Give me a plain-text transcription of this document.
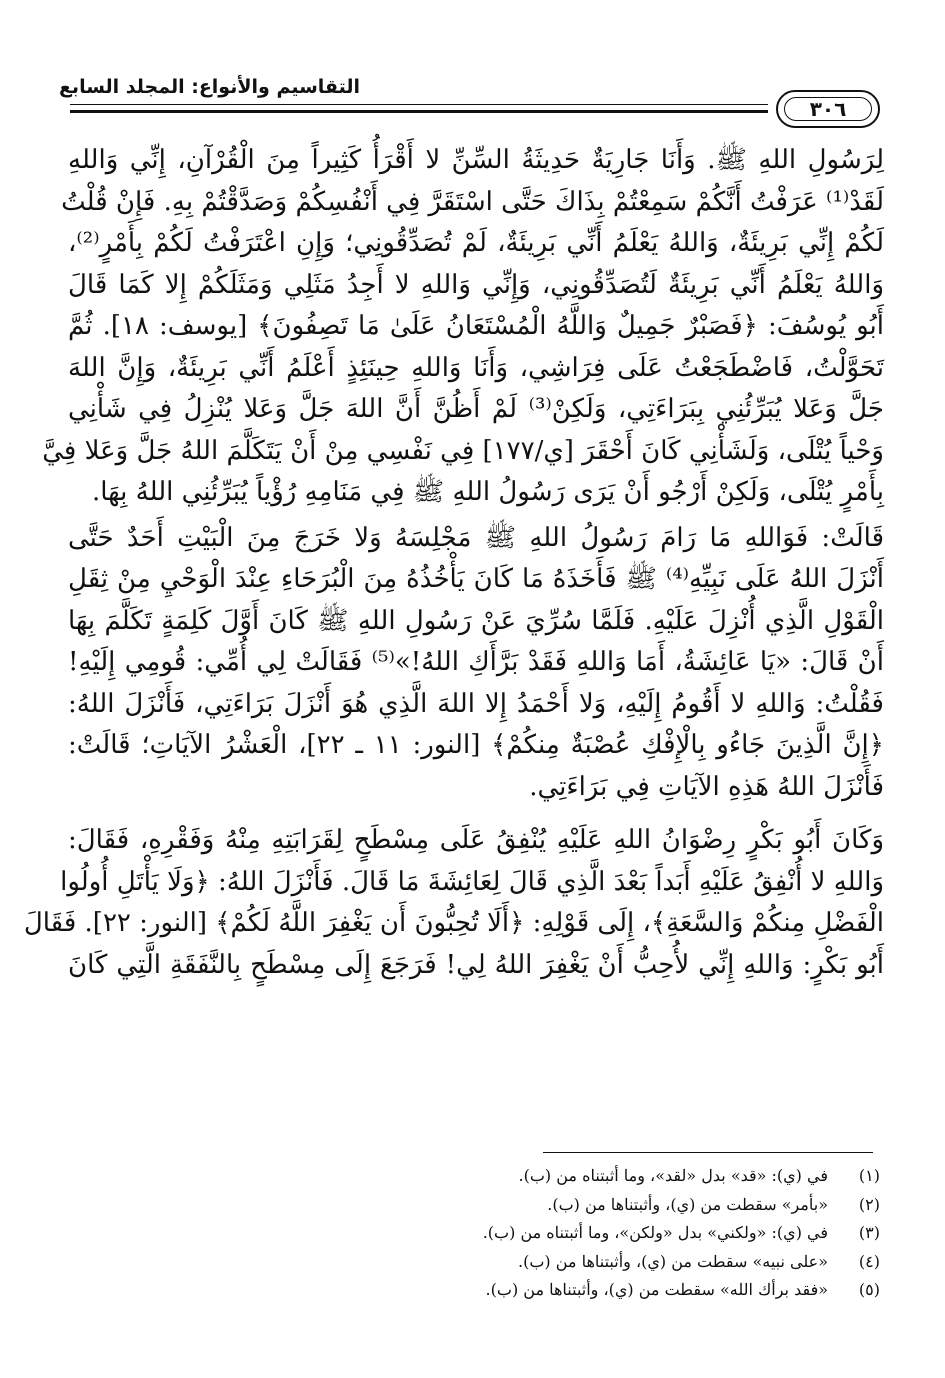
التقاسيم والأنواع: المجلد السابع
٣٠٦
لِرَسُولِ اللهِ ﷺ. وَأَنَا جَارِيَةٌ حَدِيثَةُ السِّنِّ لا أَقْرَأُ كَثِيراً مِنَ الْقُرْآنِ، إِنِّي وَاللهِ
لَقَدْ⁽¹⁾ عَرَفْتُ أَنَّكُمْ سَمِعْتُمْ بِذَاكَ حَتَّى اسْتَقَرَّ فِي أَنْفُسِكُمْ وَصَدَّقْتُمْ بِهِ. فَإِنْ قُلْتُ
لَكُمْ إِنِّي بَرِيئَةٌ، وَاللهُ يَعْلَمُ أَنِّي بَرِيئَةٌ، لَمْ تُصَدِّقُونِي؛ وَإِنِ اعْتَرَفْتُ لَكُمْ بِأَمْرٍ⁽²⁾،
وَاللهُ يَعْلَمُ أَنِّي بَرِيئَةٌ لَتُصَدِّقُونِي، وَإِنِّي وَاللهِ لا أَجِدُ مَثَلِي وَمَثَلَكُمْ إِلا كَمَا قَالَ
أَبُو يُوسُفَ: ﴿فَصَبْرٌ جَمِيلٌ وَاللَّهُ الْمُسْتَعَانُ عَلَىٰ مَا تَصِفُونَ﴾ [يوسف: ١٨]. ثُمَّ
تَحَوَّلْتُ، فَاضْطَجَعْتُ عَلَى فِرَاشِي، وَأَنَا وَاللهِ حِينَئِذٍ أَعْلَمُ أَنِّي بَرِيئَةٌ، وَإِنَّ اللهَ
جَلَّ وَعَلا يُبَرِّئُنِي بِبَرَاءَتِي، وَلَكِنْ⁽³⁾ لَمْ أَظُنَّ أَنَّ اللهَ جَلَّ وَعَلا يُنْزِلُ فِي شَأْنِي
وَحْياً يُتْلَى، وَلَشَأْنِي كَانَ أَحْقَرَ [ي/١٧٧] فِي نَفْسِي مِنْ أَنْ يَتَكَلَّمَ اللهُ جَلَّ وَعَلا فِيَّ
بِأَمْرٍ يُتْلَى، وَلَكِنْ أَرْجُو أَنْ يَرَى رَسُولُ اللهِ ﷺ فِي مَنَامِهِ رُؤْياً يُبَرِّئُنِي اللهُ بِهَا.
قَالَتْ: فَوَاللهِ مَا رَامَ رَسُولُ اللهِ ﷺ مَجْلِسَهُ وَلا خَرَجَ مِنَ الْبَيْتِ أَحَدٌ حَتَّى
أَنْزَلَ اللهُ عَلَى نَبِيِّهِ⁽⁴⁾ ﷺ فَأَخَذَهُ مَا كَانَ يَأْخُذُهُ مِنَ الْبُرَحَاءِ عِنْدَ الْوَحْيِ مِنْ ثِقَلِ
الْقَوْلِ الَّذِي أُنْزِلَ عَلَيْهِ. فَلَمَّا سُرِّيَ عَنْ رَسُولِ اللهِ ﷺ كَانَ أَوَّلَ كَلِمَةٍ تَكَلَّمَ بِهَا
أَنْ قَالَ: «يَا عَائِشَةُ، أَمَا وَاللهِ فَقَدْ بَرَّأَكِ اللهُ!»⁽⁵⁾ فَقَالَتْ لِي أُمِّي: قُومِي إِلَيْهِ!
فَقُلْتُ: وَاللهِ لا أَقُومُ إِلَيْهِ، وَلا أَحْمَدُ إِلا اللهَ الَّذِي هُوَ أَنْزَلَ بَرَاءَتِي، فَأَنْزَلَ اللهُ:
﴿إِنَّ الَّذِينَ جَاءُو بِالْإِفْكِ عُصْبَةٌ مِنكُمْ﴾ [النور: ١١ ـ ٢٢]، الْعَشْرُ الآيَاتِ؛ قَالَتْ:
فَأَنْزَلَ اللهُ هَذِهِ الآيَاتِ فِي بَرَاءَتِي.
وَكَانَ أَبُو بَكْرٍ رِضْوَانُ اللهِ عَلَيْهِ يُنْفِقُ عَلَى مِسْطَحٍ لِقَرَابَتِهِ مِنْهُ وَفَقْرِهِ، فَقَالَ:
وَاللهِ لا أُنْفِقُ عَلَيْهِ أَبَداً بَعْدَ الَّذِي قَالَ لِعَائِشَةَ مَا قَالَ. فَأَنْزَلَ اللهُ: ﴿وَلَا يَأْتَلِ أُولُوا
الْفَضْلِ مِنكُمْ وَالسَّعَةِ﴾، إِلَى قَوْلِهِ: ﴿أَلَا تُحِبُّونَ أَن يَغْفِرَ اللَّهُ لَكُمْ﴾ [النور: ٢٢]. فَقَالَ
أَبُو بَكْرٍ: وَاللهِ إِنِّي لأُحِبُّ أَنْ يَغْفِرَ اللهُ لِي! فَرَجَعَ إِلَى مِسْطَحٍ بِالنَّفَقَةِ الَّتِي كَانَ
(١)
في (ي): «قد» بدل «لقد»، وما أثبتناه من (ب).
(٢)
«بأمر» سقطت من (ي)، وأثبتناها من (ب).
(٣)
في (ي): «ولكني» بدل «ولكن»، وما أثبتناه من (ب).
(٤)
«على نبيه» سقطت من (ي)، وأثبتناها من (ب).
(٥)
«فقد برأك الله» سقطت من (ي)، وأثبتناها من (ب).
